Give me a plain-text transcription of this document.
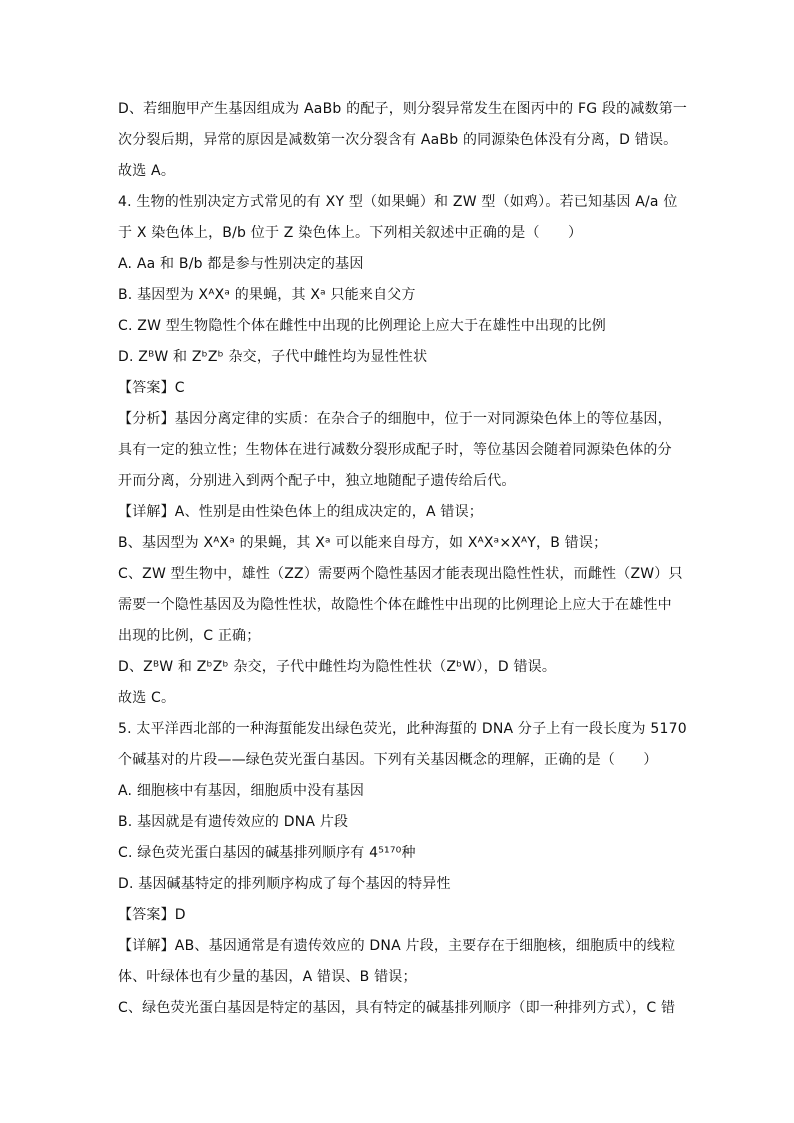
D、若细胞甲产生基因组成为 AaBb 的配子，则分裂异常发生在图丙中的 FG 段的减数第一
次分裂后期，异常的原因是减数第一次分裂含有 AaBb 的同源染色体没有分离，D 错误。
故选 A。
4. 生物的性别决定方式常见的有 XY 型（如果蝇）和 ZW 型（如鸡）。若已知基因 A/a 位
于 X 染色体上，B/b 位于 Z 染色体上。下列相关叙述中正确的是（　　）
A. Aa 和 B/b 都是参与性别决定的基因
B. 基因型为 XᴬXᵃ 的果蝇，其 Xᵃ 只能来自父方
C. ZW 型生物隐性个体在雌性中出现的比例理论上应大于在雄性中出现的比例
D. ZᴮW 和 ZᵇZᵇ 杂交，子代中雌性均为显性性状
【答案】C
【分析】基因分离定律的实质：在杂合子的细胞中，位于一对同源染色体上的等位基因，
具有一定的独立性；生物体在进行减数分裂形成配子时，等位基因会随着同源染色体的分
开而分离，分别进入到两个配子中，独立地随配子遗传给后代。
【详解】A、性别是由性染色体上的组成决定的，A 错误；
B、基因型为 XᴬXᵃ 的果蝇，其 Xᵃ 可以能来自母方，如 XᴬXᵃ×XᴬY，B 错误；
C、ZW 型生物中，雄性（ZZ）需要两个隐性基因才能表现出隐性性状，而雌性（ZW）只
需要一个隐性基因及为隐性性状，故隐性个体在雌性中出现的比例理论上应大于在雄性中
出现的比例，C 正确；
D、ZᴮW 和 ZᵇZᵇ 杂交，子代中雌性均为隐性性状（ZᵇW），D 错误。
故选 C。
5. 太平洋西北部的一种海蜇能发出绿色荧光，此种海蜇的 DNA 分子上有一段长度为 5170
个碱基对的片段——绿色荧光蛋白基因。下列有关基因概念的理解，正确的是（　　）
A. 细胞核中有基因，细胞质中没有基因
B. 基因就是有遗传效应的 DNA 片段
C. 绿色荧光蛋白基因的碱基排列顺序有 4⁵¹⁷⁰种
D. 基因碱基特定的排列顺序构成了每个基因的特异性
【答案】D
【详解】AB、基因通常是有遗传效应的 DNA 片段，主要存在于细胞核，细胞质中的线粒
体、叶绿体也有少量的基因，A 错误、B 错误；
C、绿色荧光蛋白基因是特定的基因，具有特定的碱基排列顺序（即一种排列方式），C 错
